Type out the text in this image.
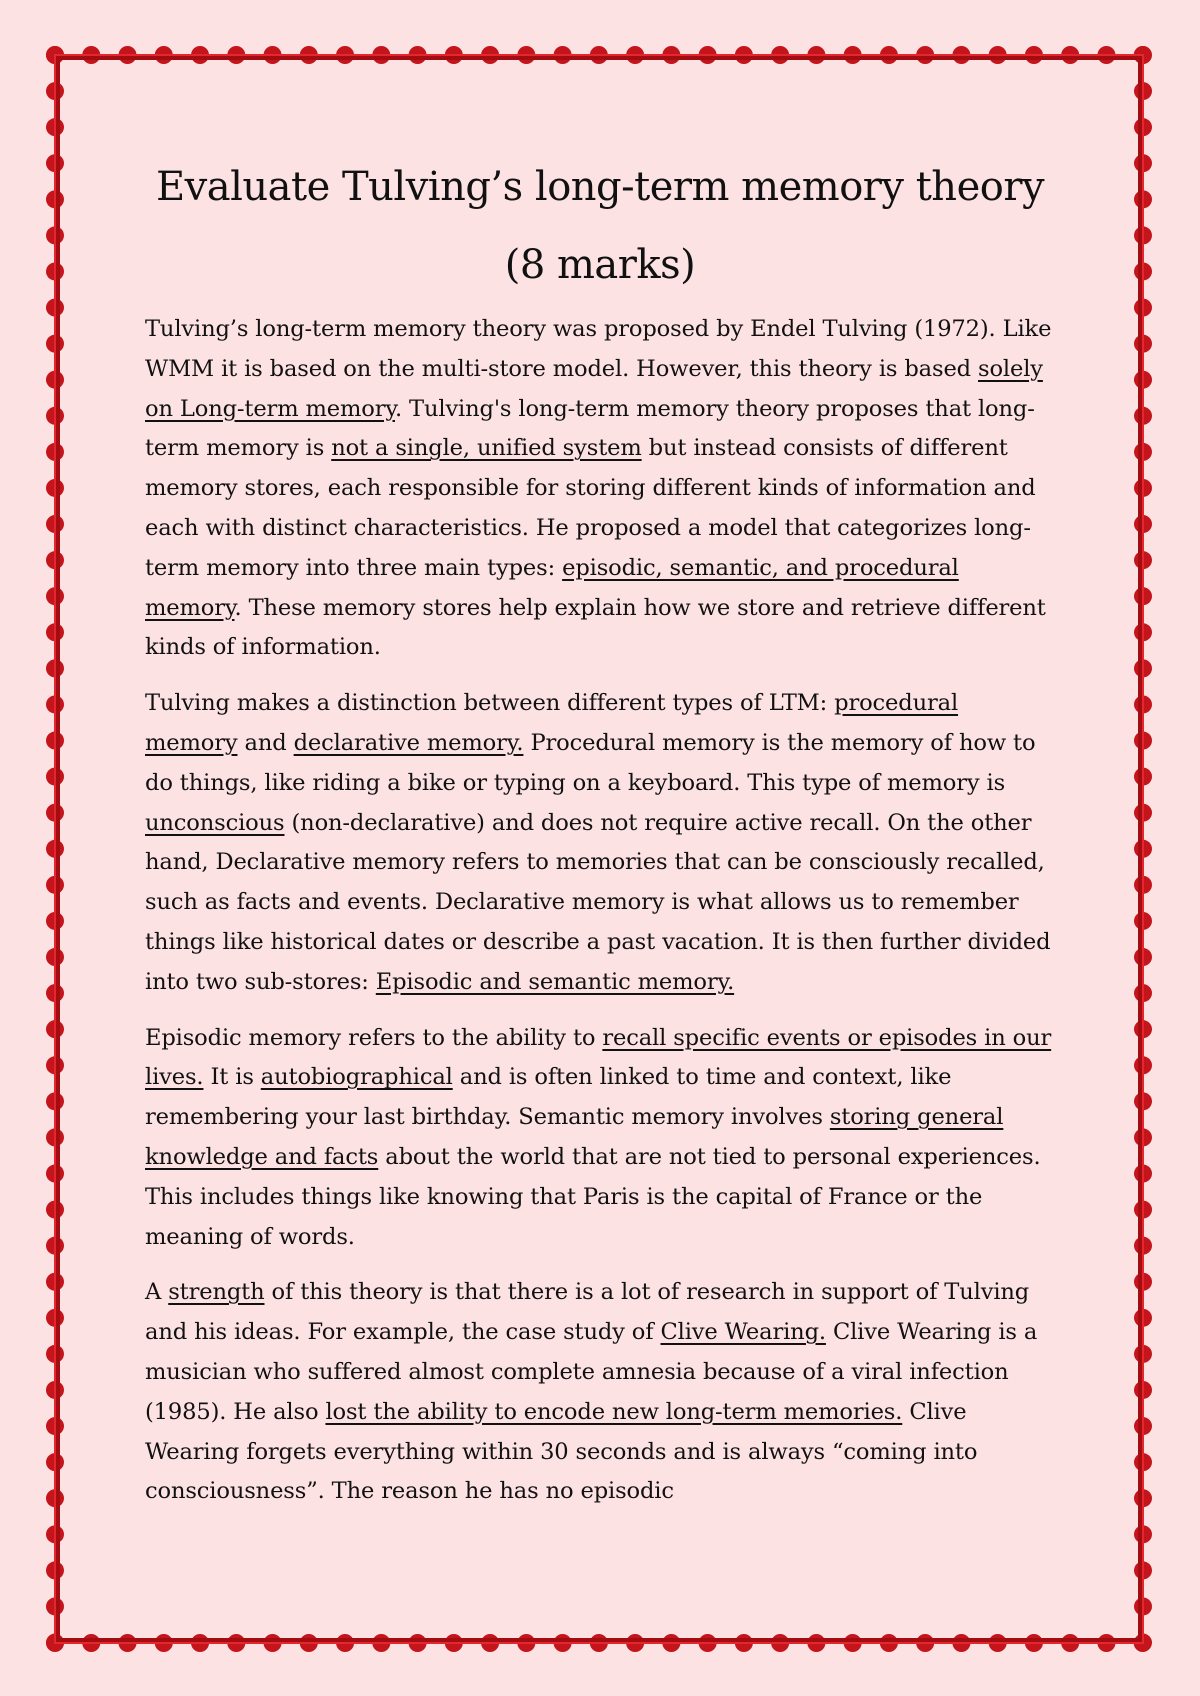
Evaluate Tulving’s long-term memory theory
(8 marks)

Tulving’s long-term memory theory was proposed by Endel Tulving (1972). Like WMM it is based on the multi-store model. However, this theory is based solely on Long-term memory. Tulving's long-term memory theory proposes that long-term memory is not a single, unified system but instead consists of different memory stores, each responsible for storing different kinds of information and each with distinct characteristics. He proposed a model that categorizes long-term memory into three main types: episodic, semantic, and procedural memory. These memory stores help explain how we store and retrieve different kinds of information.

Tulving makes a distinction between different types of LTM: procedural memory and declarative memory. Procedural memory is the memory of how to do things, like riding a bike or typing on a keyboard. This type of memory is unconscious (non-declarative) and does not require active recall. On the other hand, Declarative memory refers to memories that can be consciously recalled, such as facts and events. Declarative memory is what allows us to remember things like historical dates or describe a past vacation. It is then further divided into two sub-stores: Episodic and semantic memory.

Episodic memory refers to the ability to recall specific events or episodes in our lives. It is autobiographical and is often linked to time and context, like remembering your last birthday. Semantic memory involves storing general knowledge and facts about the world that are not tied to personal experiences. This includes things like knowing that Paris is the capital of France or the meaning of words.

A strength of this theory is that there is a lot of research in support of Tulving and his ideas. For example, the case study of Clive Wearing. Clive Wearing is a musician who suffered almost complete amnesia because of a viral infection (1985). He also lost the ability to encode new long-term memories. Clive Wearing forgets everything within 30 seconds and is always “coming into consciousness”. The reason he has no episodic
